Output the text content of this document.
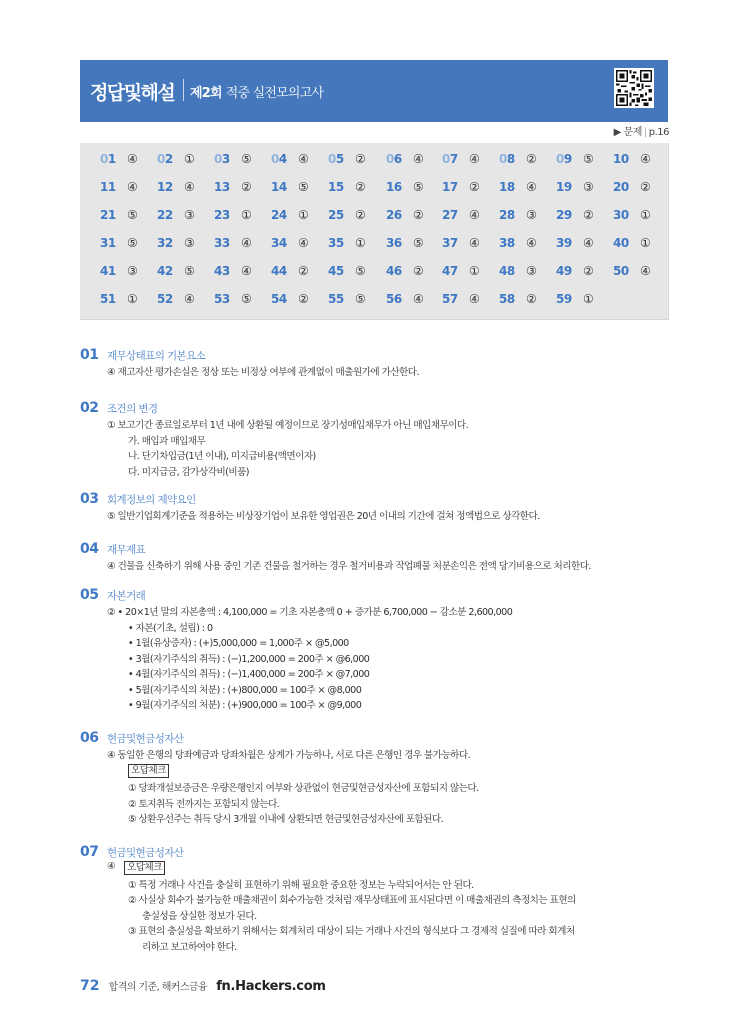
정답및해설 제2회 적중 실전모의고사
▶ 문제 | p.16
01 ④ 02 ① 03 ⑤ 04 ④ 05 ② 06 ④ 07 ④ 08 ② 09 ⑤ 10 ④
11 ④ 12 ④ 13 ② 14 ⑤ 15 ② 16 ⑤ 17 ② 18 ④ 19 ③ 20 ②
21 ⑤ 22 ③ 23 ① 24 ① 25 ② 26 ② 27 ④ 28 ③ 29 ② 30 ①
31 ⑤ 32 ③ 33 ④ 34 ④ 35 ① 36 ⑤ 37 ④ 38 ④ 39 ④ 40 ①
41 ③ 42 ⑤ 43 ④ 44 ② 45 ⑤ 46 ② 47 ① 48 ③ 49 ② 50 ④
51 ① 52 ④ 53 ⑤ 54 ② 55 ⑤ 56 ④ 57 ④ 58 ② 59 ①
01 재무상태표의 기본요소
④ 재고자산 평가손실은 정상 또는 비정상 여부에 관계없이 매출원가에 가산한다.
02 조건의 변경
① 보고기간 종료일로부터 1년 내에 상환될 예정이므로 장기성매입채무가 아닌 매입채무이다.
가. 매입과 매입채무
나. 단기차입금(1년 이내), 미지급비용(액면이자)
다. 미지급금, 감가상각비(비품)
03 회계정보의 제약요인
⑤ 일반기업회계기준을 적용하는 비상장기업이 보유한 영업권은 20년 이내의 기간에 걸쳐 정액법으로 상각한다.
04 재무제표
④ 건물을 신축하기 위해 사용 중인 기존 건물을 철거하는 경우 철거비용과 작업폐물 처분손익은 전액 당기비용으로 처리한다.
05 자본거래
② • 20×1년 말의 자본총액 : 4,100,000 = 기초 자본총액 0 + 증가분 6,700,000 − 감소분 2,600,000
• 자본(기초, 설립) : 0
• 1월(유상증자) : (+)5,000,000 = 1,000주 × @5,000
• 3월(자기주식의 취득) : (−)1,200,000 = 200주 × @6,000
• 4월(자기주식의 취득) : (−)1,400,000 = 200주 × @7,000
• 5월(자기주식의 처분) : (+)800,000 = 100주 × @8,000
• 9월(자기주식의 처분) : (+)900,000 = 100주 × @9,000
06 현금및현금성자산
④ 동일한 은행의 당좌예금과 당좌차월은 상계가 가능하나, 서로 다른 은행인 경우 불가능하다.
오답체크
① 당좌개설보증금은 우량은행인지 여부와 상관없이 현금및현금성자산에 포함되지 않는다.
② 토지취득 전까지는 포함되지 않는다.
⑤ 상환우선주는 취득 당시 3개월 이내에 상환되면 현금및현금성자산에 포함된다.
07 현금및현금성자산
④	오답체크
① 특정 거래나 사건을 충실히 표현하기 위해 필요한 중요한 정보는 누락되어서는 안 된다.
② 사실상 회수가 불가능한 매출채권이 회수가능한 것처럼 재무상태표에 표시된다면 이 매출채권의 측정치는 표현의
충실성을 상실한 정보가 된다.
③ 표현의 충실성을 확보하기 위해서는 회계처리 대상이 되는 거래나 사건의 형식보다 그 경제적 실질에 따라 회계처
리하고 보고하여야 한다.
72 합격의 기준, 해커스금융 fn.Hackers.com
